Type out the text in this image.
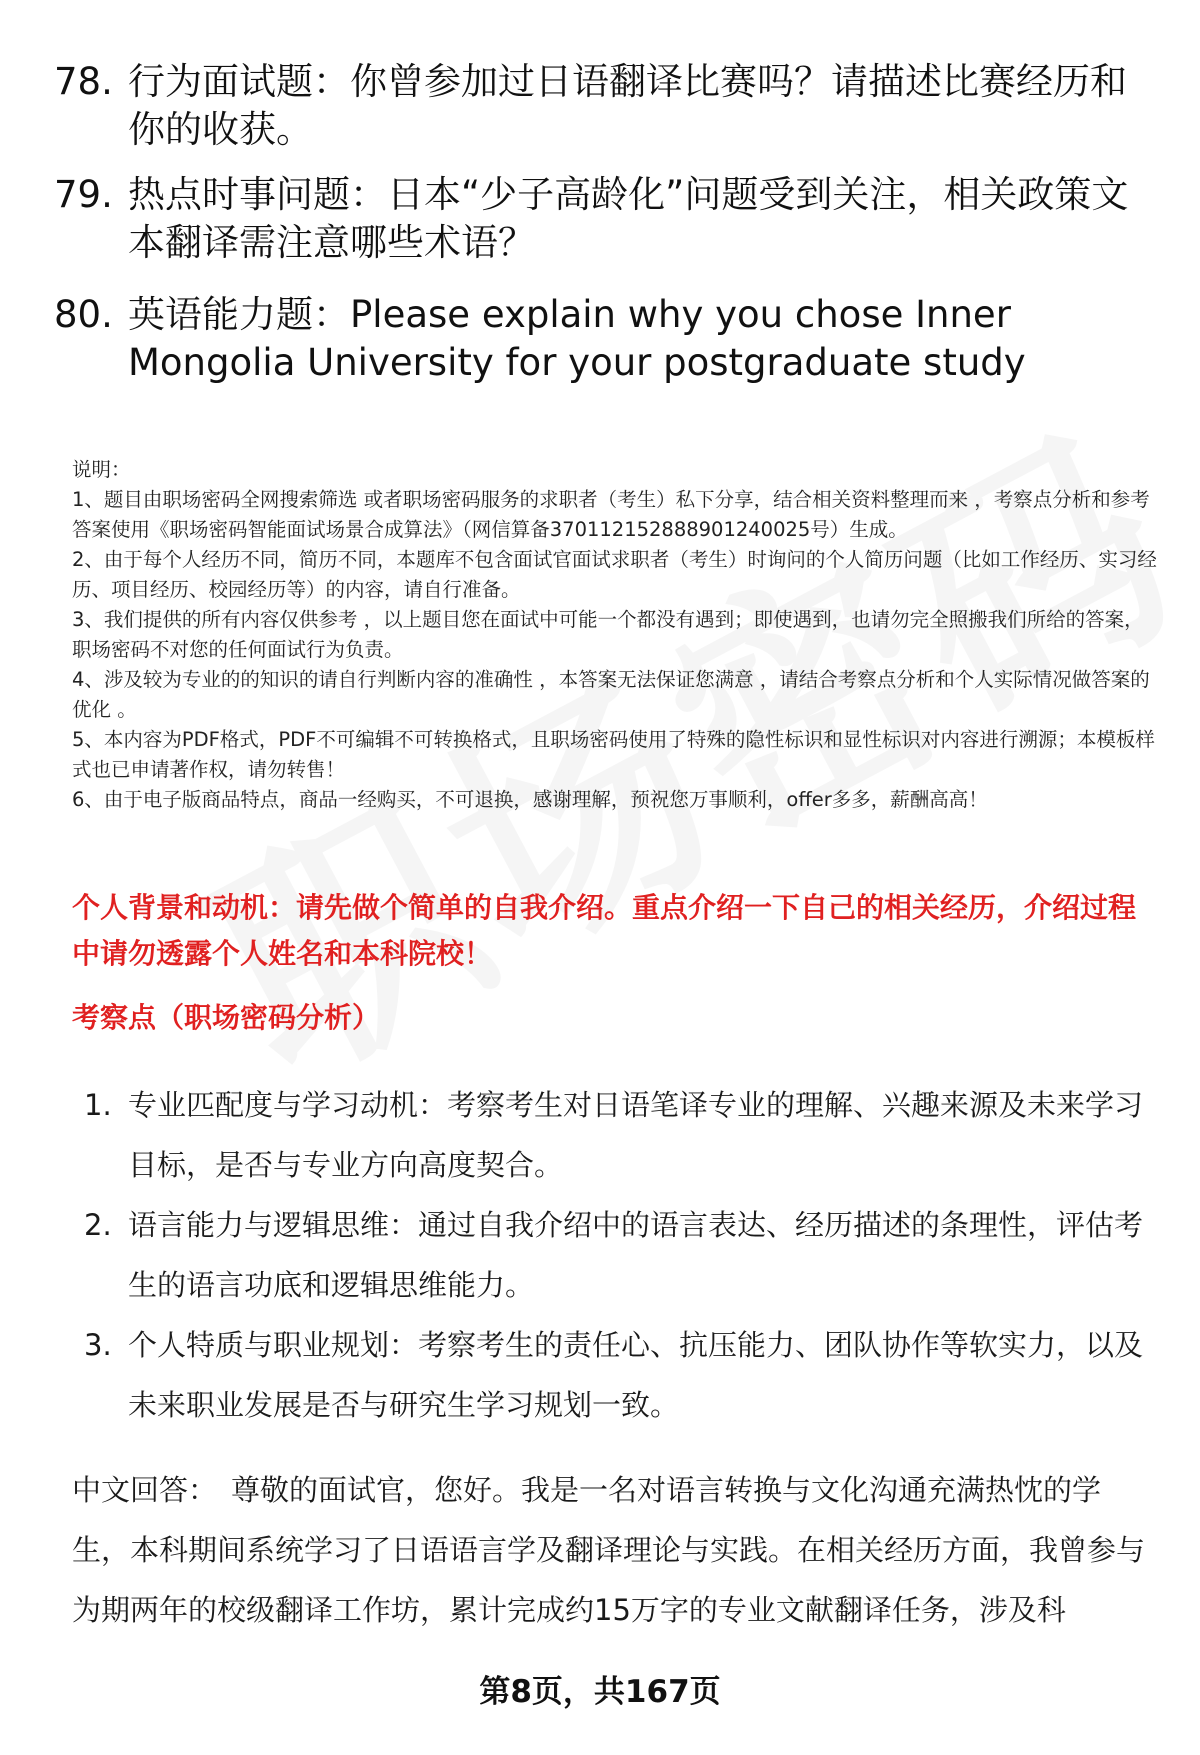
78. 行为面试题：你曾参加过日语翻译比赛吗？请描述比赛经历和你的收获。
79. 热点时事问题：日本“少子高龄化”问题受到关注，相关政策文本翻译需注意哪些术语？
80. 英语能力题：Please explain why you chose Inner Mongolia University for your postgraduate study

说明：

1、题目由职场密码全网搜索筛选 或者职场密码服务的求职者（考生）私下分享，结合相关资料整理而来 ，考察点分析和参考答案使用《职场密码智能面试场景合成算法》（网信算备370112152888901240025号）生成。

2、由于每个人经历不同，简历不同，本题库不包含面试官面试求职者（考生）时询问的个人简历问题（比如工作经历、实习经历、项目经历、校园经历等）的内容，请自行准备。

3、我们提供的所有内容仅供参考 ，以上题目您在面试中可能一个都没有遇到；即使遇到，也请勿完全照搬我们所给的答案，职场密码不对您的任何面试行为负责。

4、涉及较为专业的的知识的请自行判断内容的准确性 ，本答案无法保证您满意 ，请结合考察点分析和个人实际情况做答案的优化 。

5、本内容为PDF格式，PDF不可编辑不可转换格式，且职场密码使用了特殊的隐性标识和显性标识对内容进行溯源；本模板样式也已申请著作权，请勿转售！

6、由于电子版商品特点，商品一经购买，不可退换，感谢理解，预祝您万事顺利，offer多多，薪酬高高！

个人背景和动机：请先做个简单的自我介绍。重点介绍一下自己的相关经历，介绍过程中请勿透露个人姓名和本科院校！
考察点（职场密码分析）
1. 专业匹配度与学习动机：考察考生对日语笔译专业的理解、兴趣来源及未来学习目标，是否与专业方向高度契合。
2. 语言能力与逻辑思维：通过自我介绍中的语言表达、经历描述的条理性，评估考生的语言功底和逻辑思维能力。
3. 个人特质与职业规划：考察考生的责任心、抗压能力、团队协作等软实力，以及未来职业发展是否与研究生学习规划一致。
中文回答： 尊敬的面试官，您好。我是一名对语言转换与文化沟通充满热忱的学生，本科期间系统学习了日语语言学及翻译理论与实践。在相关经历方面，我曾参与为期两年的校级翻译工作坊，累计完成约15万字的专业文献翻译任务，涉及科
第8页，共167页
